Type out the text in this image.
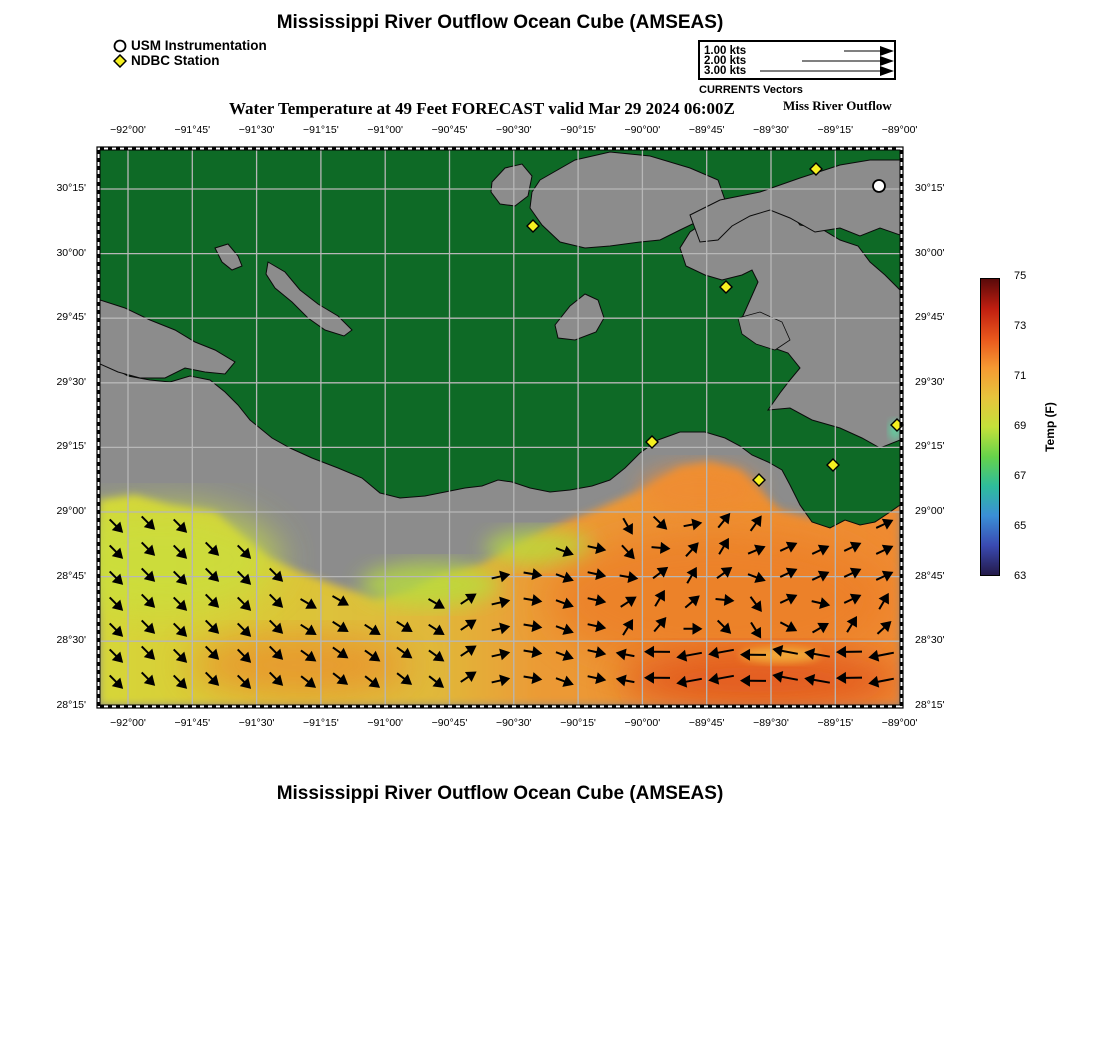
Mississippi River Outflow Ocean Cube (AMSEAS)
USM Instrumentation
NDBC Station
1.00 kts
2.00 kts
3.00 kts
CURRENTS Vectors
Water Temperature at 49 Feet FORECAST valid Mar 29 2024 06:00Z	Miss River Outflow
−92°00'	−91°45'	−91°30'	−91°15'	−91°00'	−90°45'	−90°30'	−90°15'	−90°00'	−89°45'	−89°30'	−89°15'	−89°00'
−92°00'	−91°45'	−91°30'	−91°15'	−91°00'	−90°45'	−90°30'	−90°15'	−90°00'	−89°45'	−89°30'	−89°15'	−89°00'
30°15'
30°00'
29°45'
29°30'
29°15'
29°00'
28°45'
28°30'
28°15'
30°15'
30°00'
29°45'
29°30'
29°15'
29°00'
28°45'
28°30'
28°15'
75
73
71
69
67
65
63
Temp (F)
Mississippi River Outflow Ocean Cube (AMSEAS)
